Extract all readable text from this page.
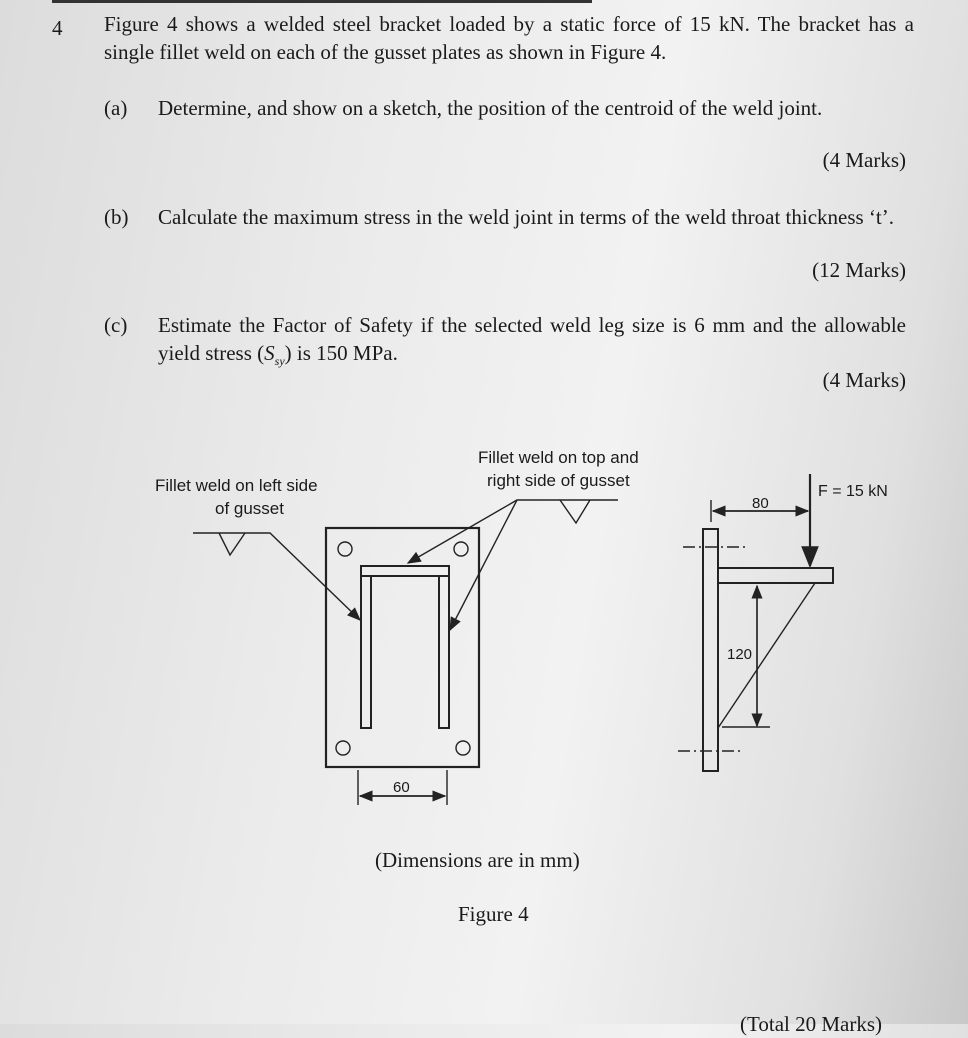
4 Figure 4 shows a welded steel bracket loaded by a static force of 15 kN. The bracket has a single fillet weld on each of the gusset plates as shown in Figure 4.
(a) Determine, and show on a sketch, the position of the centroid of the weld joint.
(4 Marks)
(b) Calculate the maximum stress in the weld joint in terms of the weld throat thickness ‘t’.
(12 Marks)
(c) Estimate the Factor of Safety if the selected weld leg size is 6 mm and the allowable yield stress $(S_{sy})$ is 150 MPa.
(4 Marks)
Fillet weld on left side
of gusset
Fillet weld on top and
right side of gusset
60
80
120
F = 15 kN
(Dimensions are in mm)
Figure 4
(Total 20 Marks)
